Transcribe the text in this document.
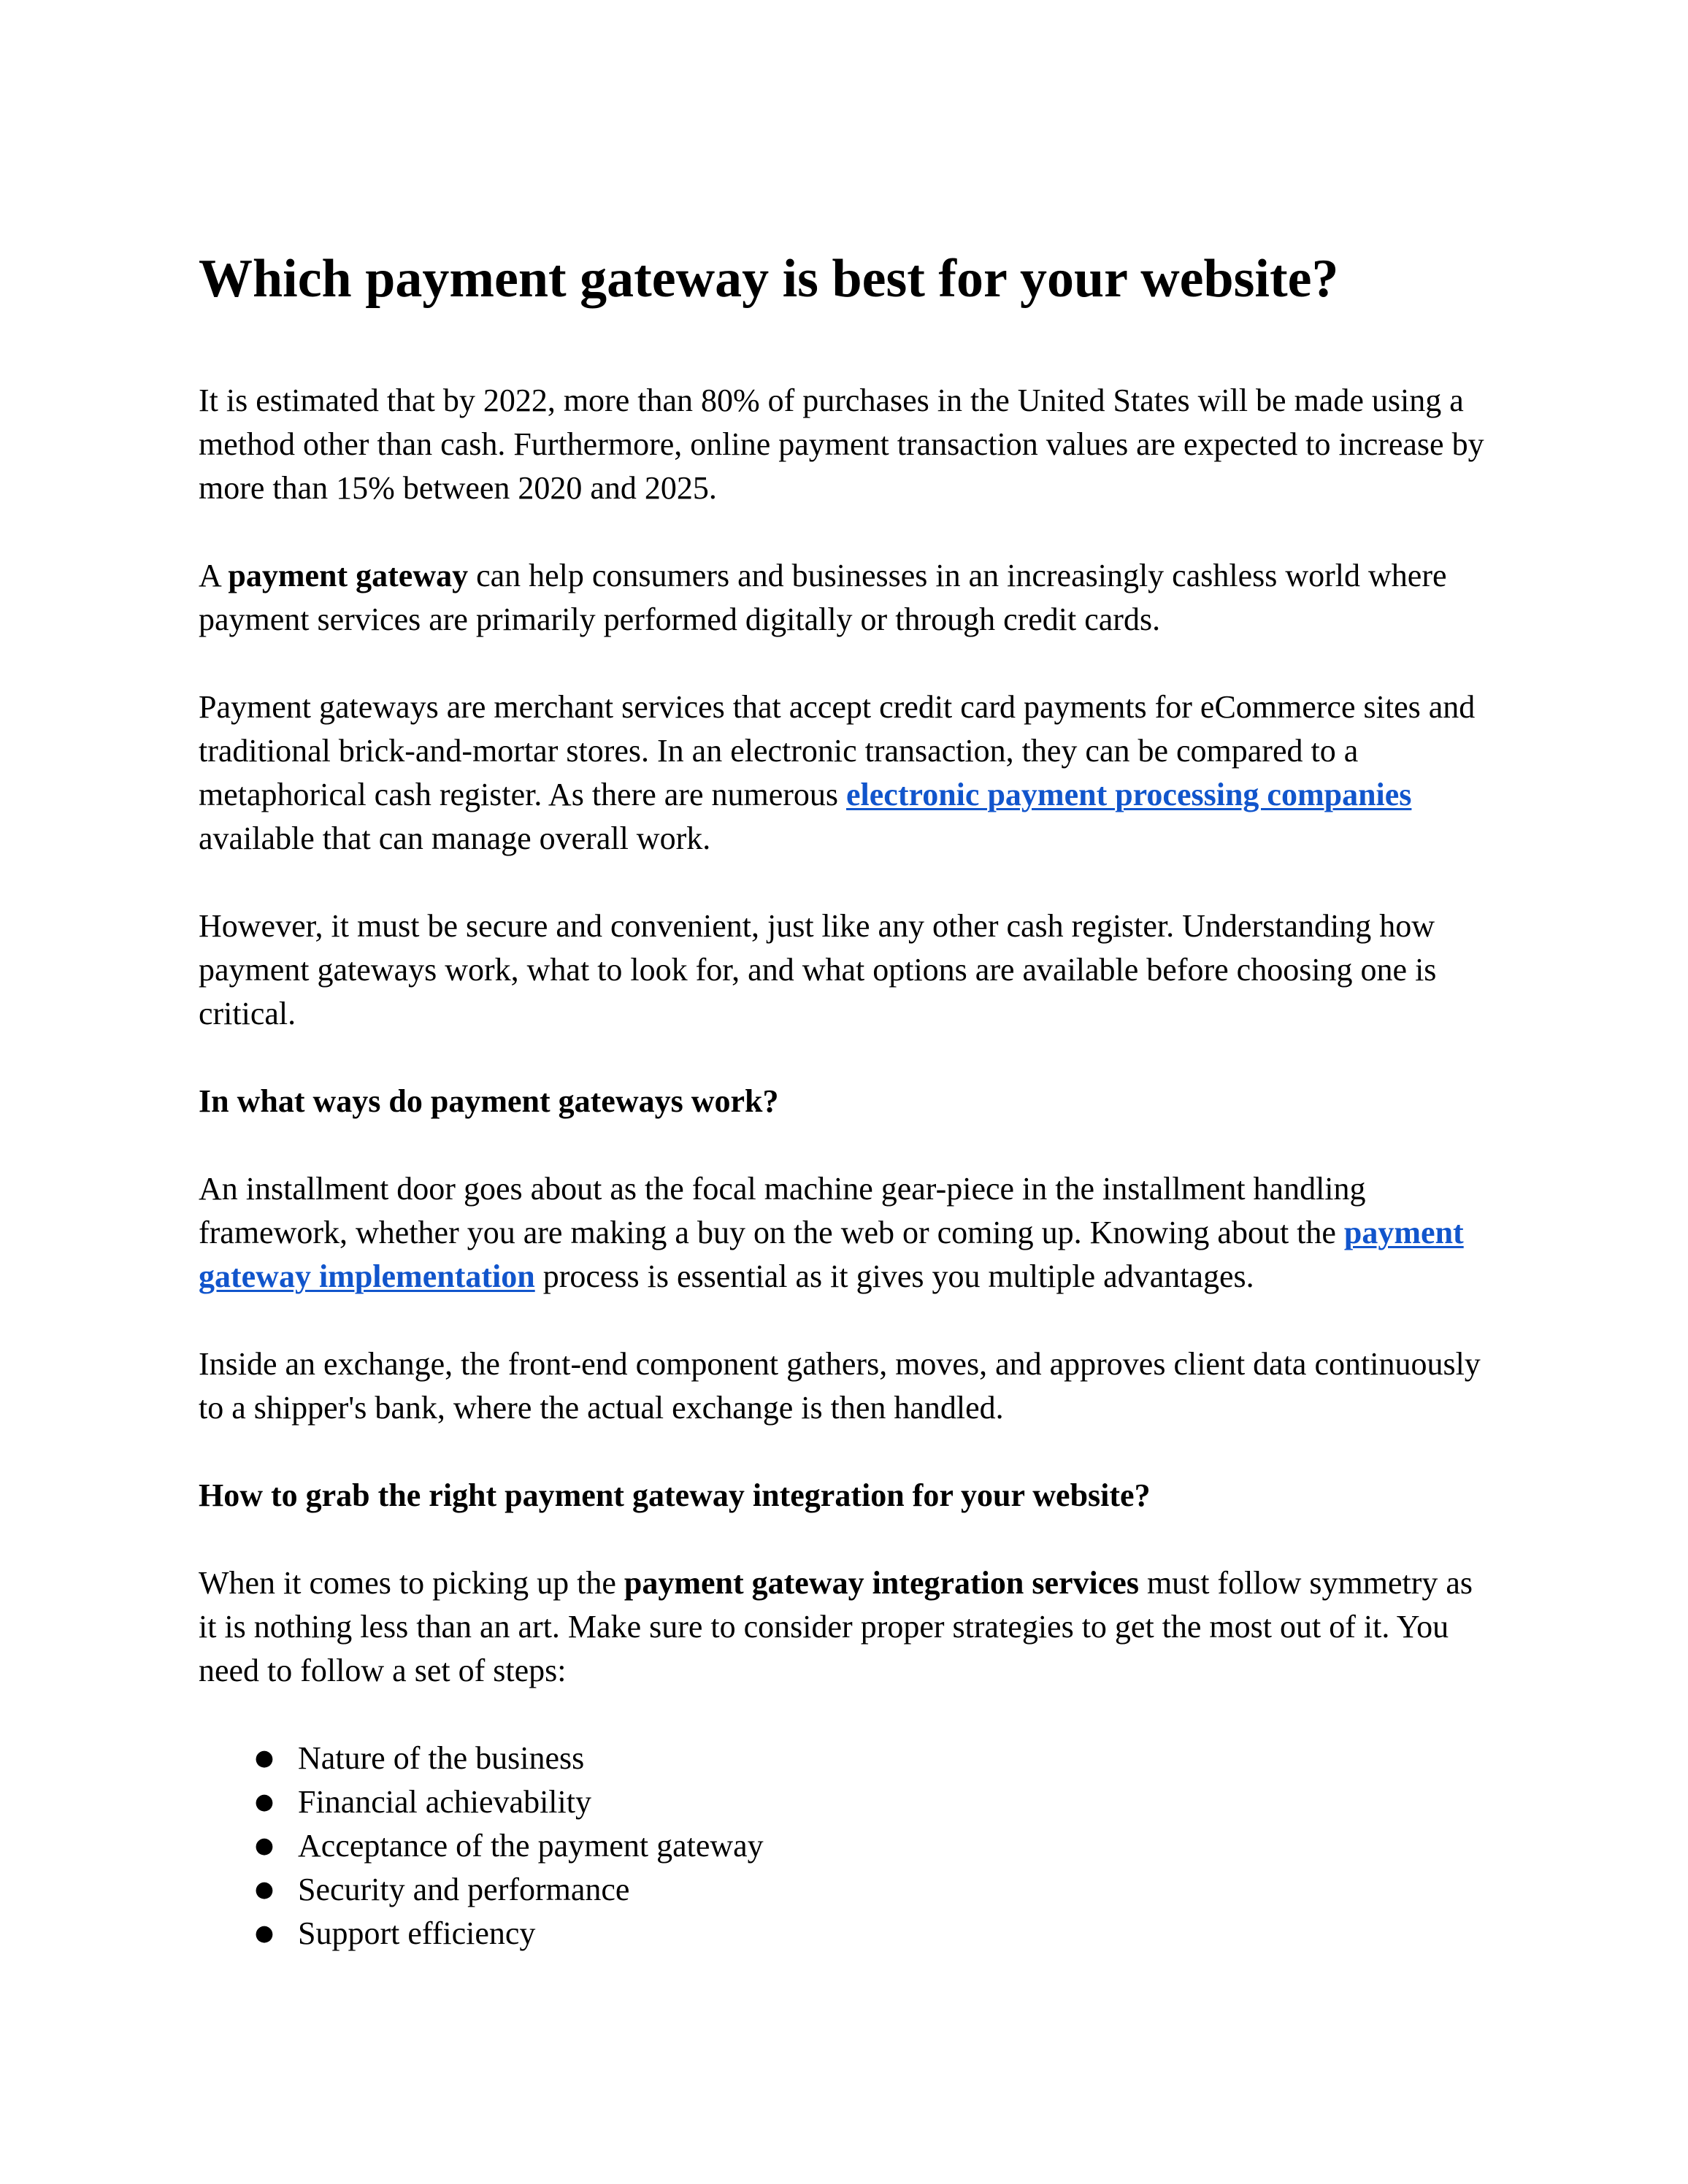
Which payment gateway is best for your website?

It is estimated that by 2022, more than 80% of purchases in the United States will be made using a method other than cash. Furthermore, online payment transaction values are expected to increase by more than 15% between 2020 and 2025.

A payment gateway can help consumers and businesses in an increasingly cashless world where payment services are primarily performed digitally or through credit cards.

Payment gateways are merchant services that accept credit card payments for eCommerce sites and traditional brick-and-mortar stores. In an electronic transaction, they can be compared to a metaphorical cash register. As there are numerous electronic payment processing companies available that can manage overall work.

However, it must be secure and convenient, just like any other cash register. Understanding how payment gateways work, what to look for, and what options are available before choosing one is critical.

In what ways do payment gateways work?

An installment door goes about as the focal machine gear-piece in the installment handling framework, whether you are making a buy on the web or coming up. Knowing about the payment gateway implementation process is essential as it gives you multiple advantages.

Inside an exchange, the front-end component gathers, moves, and approves client data continuously to a shipper's bank, where the actual exchange is then handled.

How to grab the right payment gateway integration for your website?

When it comes to picking up the payment gateway integration services must follow symmetry as it is nothing less than an art. Make sure to consider proper strategies to get the most out of it. You need to follow a set of steps:

● Nature of the business
● Financial achievability
● Acceptance of the payment gateway
● Security and performance
● Support efficiency
